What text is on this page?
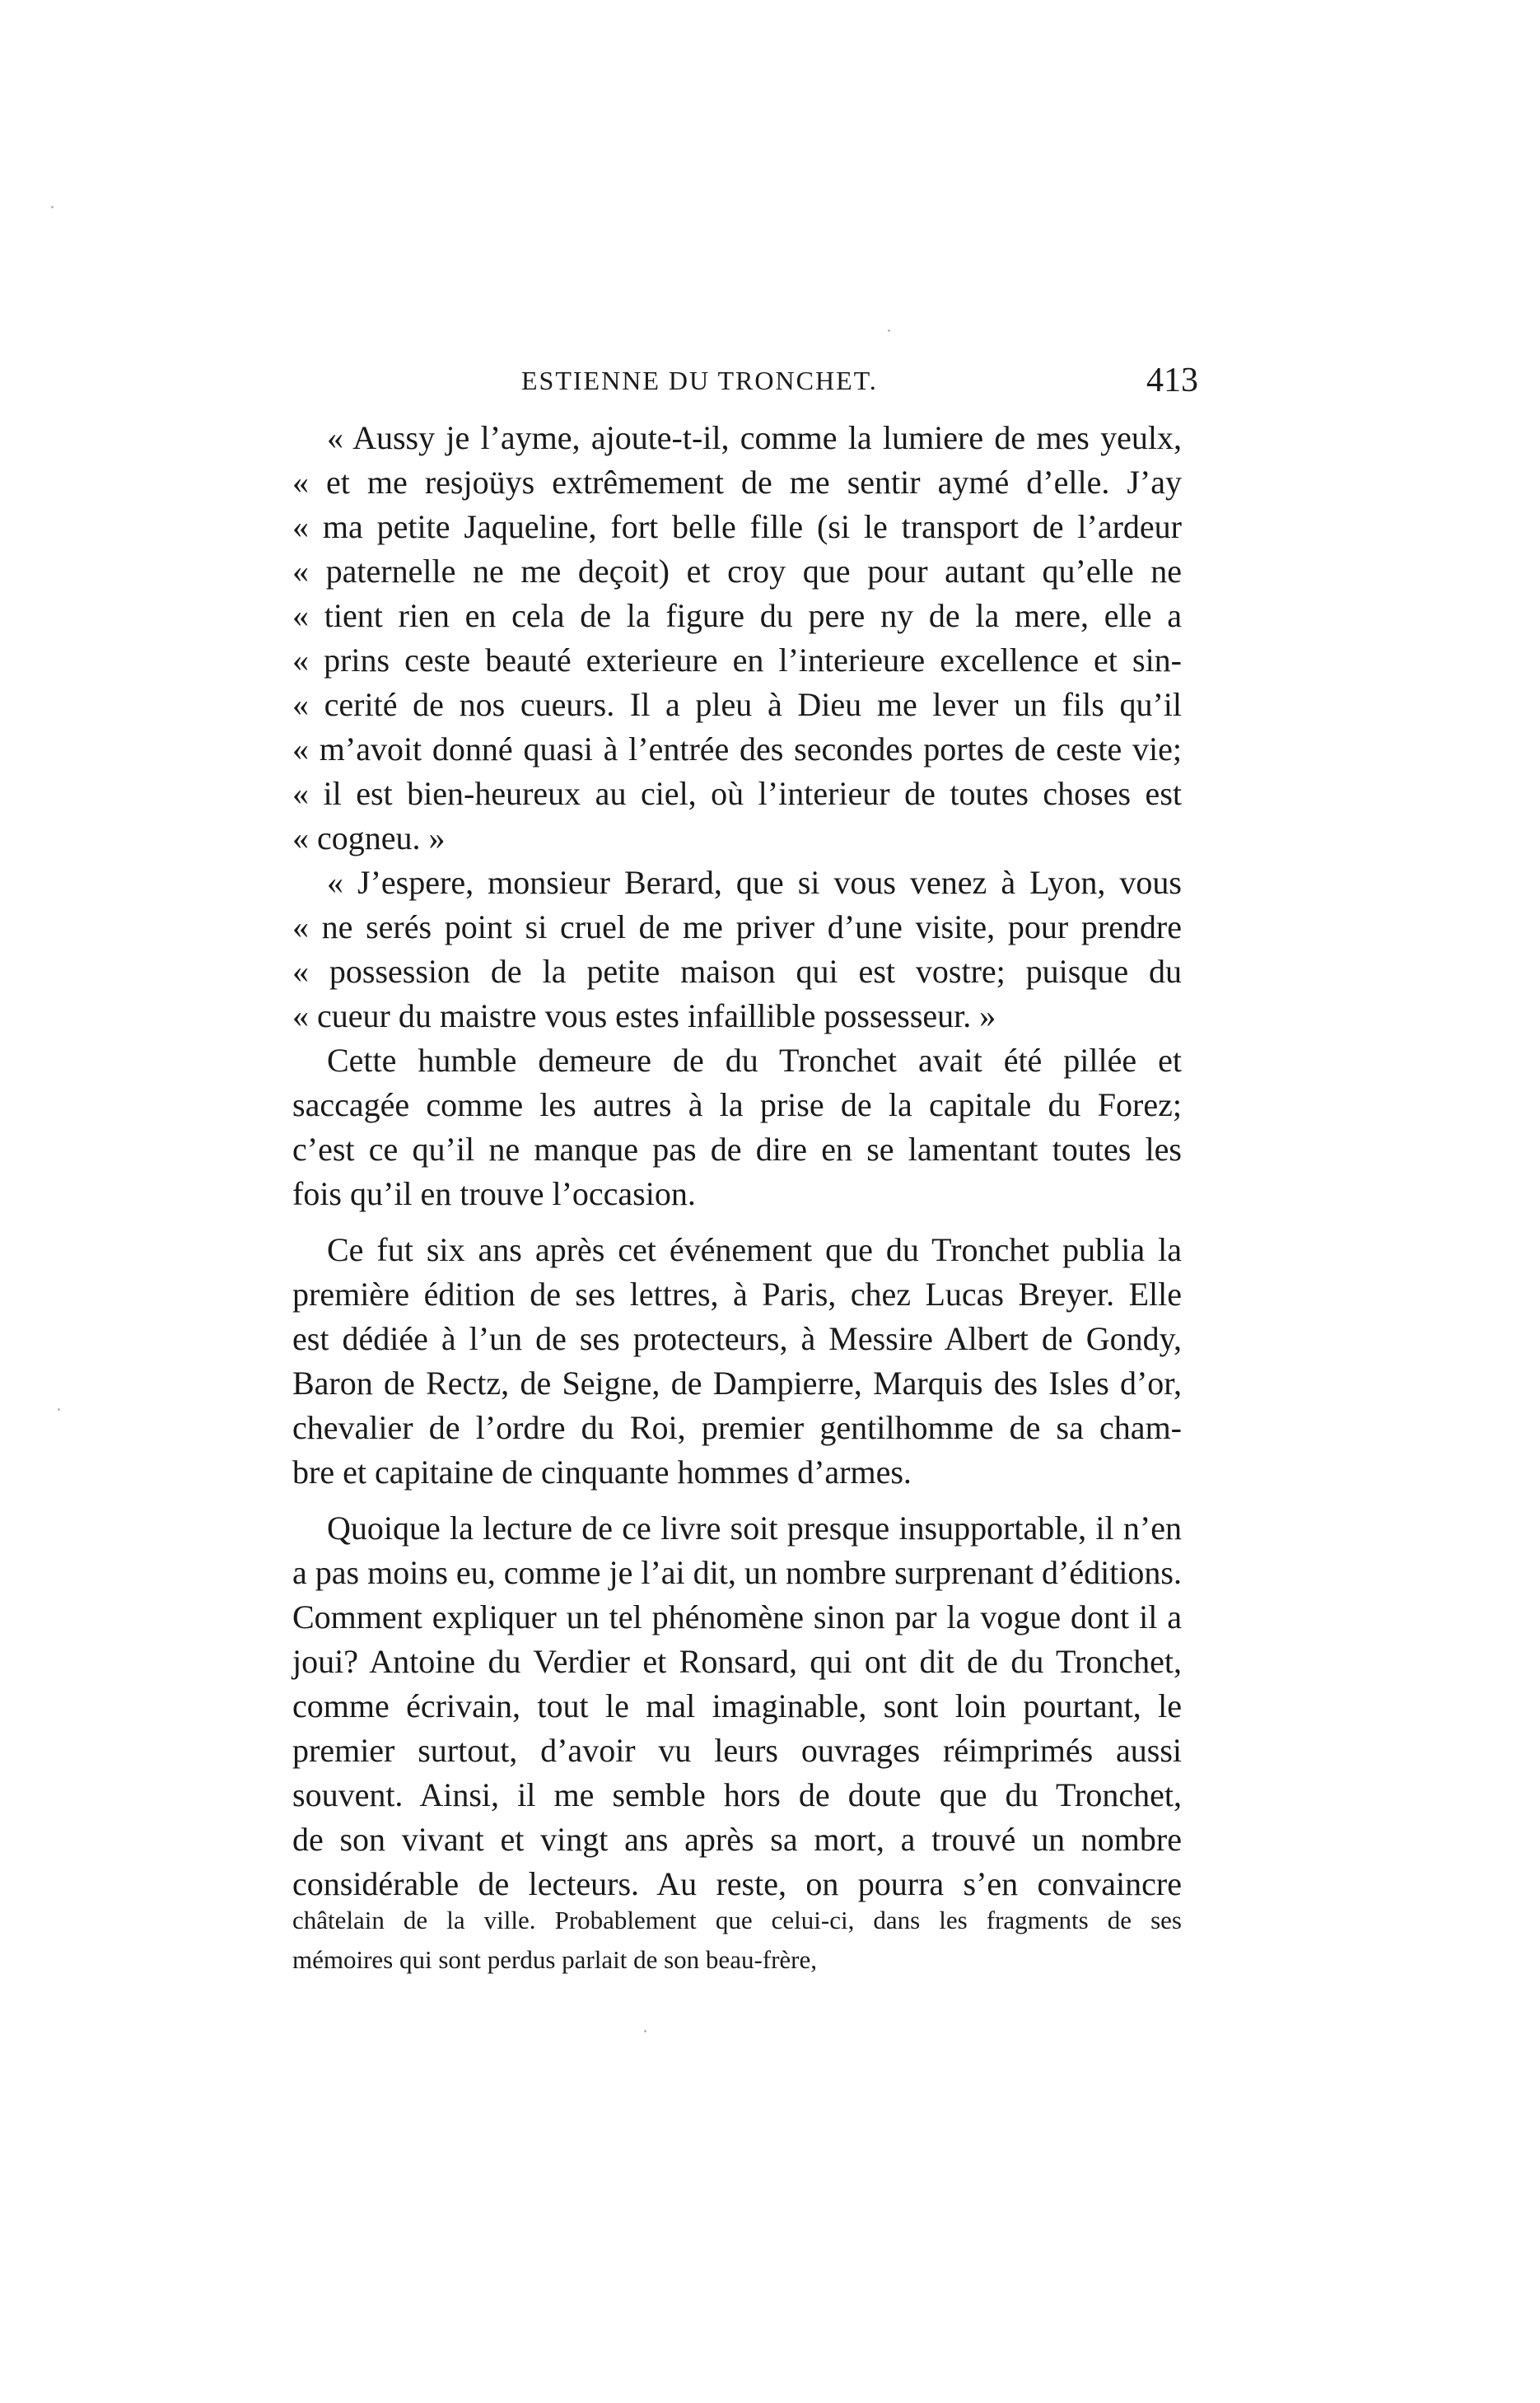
ESTIENNE DU TRONCHET.	413
« Aussy je l’ayme, ajoute-t-il, comme la lumiere de mes yeulx,
« et me resjoüys extrêmement de me sentir aymé d’elle. J’ay
« ma petite Jaqueline, fort belle fille (si le transport de l’ardeur
« paternelle ne me deçoit) et croy que pour autant qu’elle ne
« tient rien en cela de la figure du pere ny de la mere, elle a
« prins ceste beauté exterieure en l’interieure excellence et sin-
« cerité de nos cueurs. Il a pleu à Dieu me lever un fils qu’il
« m’avoit donné quasi à l’entrée des secondes portes de ceste vie;
« il est bien-heureux au ciel, où l’interieur de toutes choses est
« cogneu. »
« J’espere, monsieur Berard, que si vous venez à Lyon, vous
« ne serés point si cruel de me priver d’une visite, pour prendre
« possession de la petite maison qui est vostre; puisque du
« cueur du maistre vous estes infaillible possesseur. »
Cette humble demeure de du Tronchet avait été pillée et
saccagée comme les autres à la prise de la capitale du Forez;
c’est ce qu’il ne manque pas de dire en se lamentant toutes les
fois qu’il en trouve l’occasion.
Ce fut six ans après cet événement que du Tronchet publia la
première édition de ses lettres, à Paris, chez Lucas Breyer. Elle
est dédiée à l’un de ses protecteurs, à Messire Albert de Gondy,
Baron de Rectz, de Seigne, de Dampierre, Marquis des Isles d’or,
chevalier de l’ordre du Roi, premier gentilhomme de sa cham-
bre et capitaine de cinquante hommes d’armes.
Quoique la lecture de ce livre soit presque insupportable, il n’en
a pas moins eu, comme je l’ai dit, un nombre surprenant d’éditions.
Comment expliquer un tel phénomène sinon par la vogue dont il a
joui? Antoine du Verdier et Ronsard, qui ont dit de du Tronchet,
comme écrivain, tout le mal imaginable, sont loin pourtant, le
premier surtout, d’avoir vu leurs ouvrages réimprimés aussi
souvent. Ainsi, il me semble hors de doute que du Tronchet,
de son vivant et vingt ans après sa mort, a trouvé un nombre
considérable de lecteurs. Au reste, on pourra s’en convaincre
châtelain de la ville. Probablement que celui-ci, dans les fragments de ses
mémoires qui sont perdus parlait de son beau-frère,
